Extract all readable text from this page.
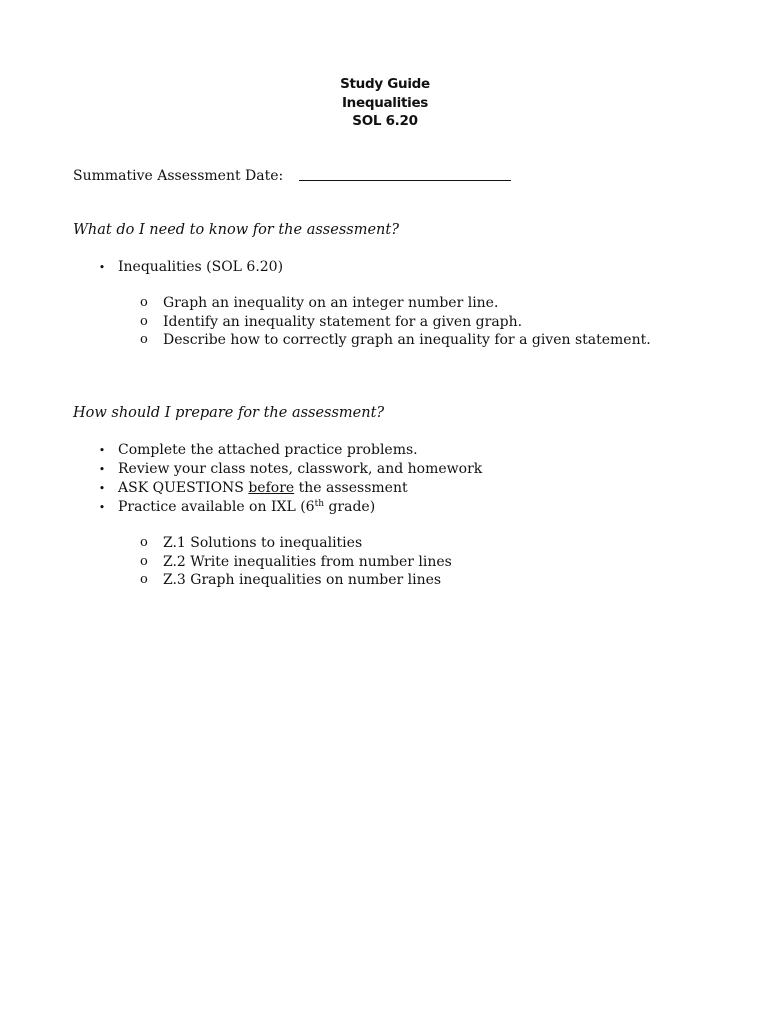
Study Guide
Inequalities
SOL 6.20
Summative Assessment Date:
What do I need to know for the assessment?
• Inequalities (SOL 6.20)
o Graph an inequality on an integer number line.
o Identify an inequality statement for a given graph.
o Describe how to correctly graph an inequality for a given statement.
How should I prepare for the assessment?
• Complete the attached practice problems.
• Review your class notes, classwork, and homework
• ASK QUESTIONS before the assessment
• Practice available on IXL (6th grade)
o Z.1 Solutions to inequalities
o Z.2 Write inequalities from number lines
o Z.3 Graph inequalities on number lines
